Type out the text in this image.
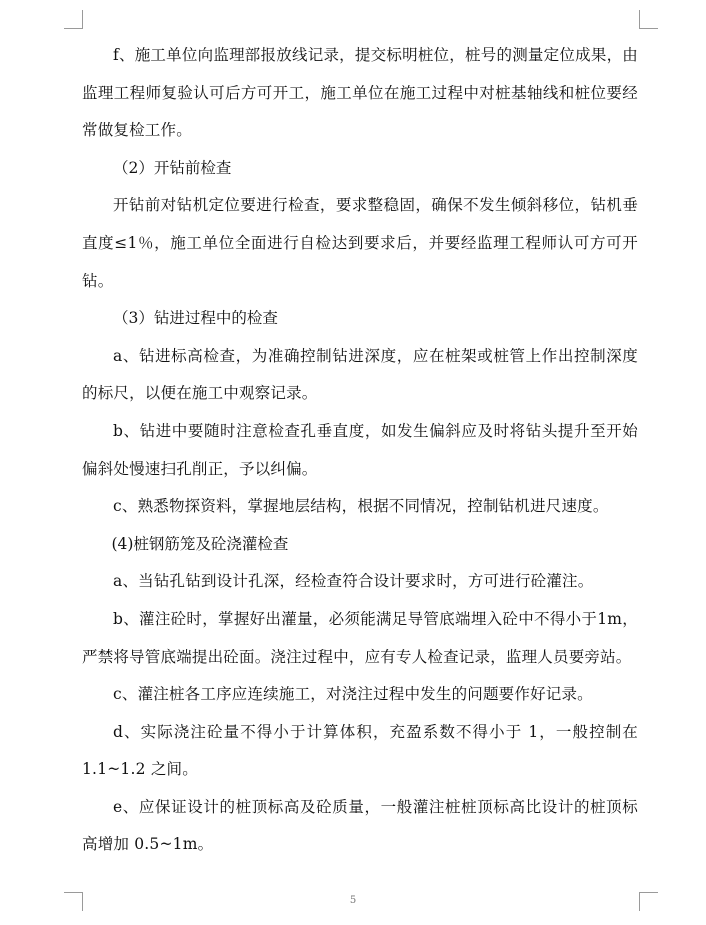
f、施工单位向监理部报放线记录，提交标明桩位，桩号的测量定位成果，由监理工程师复验认可后方可开工，施工单位在施工过程中对桩基轴线和桩位要经常做复检工作。

（2）开钻前检查

开钻前对钻机定位要进行检查，要求整稳固，确保不发生倾斜移位，钻机垂直度≤1％，施工单位全面进行自检达到要求后，并要经监理工程师认可方可开钻。

（3）钻进过程中的检查

a、钻进标高检查，为准确控制钻进深度，应在桩架或桩管上作出控制深度的标尺，以便在施工中观察记录。

b、钻进中要随时注意检查孔垂直度，如发生偏斜应及时将钻头提升至开始偏斜处慢速扫孔削正，予以纠偏。

c、熟悉物探资料，掌握地层结构，根据不同情况，控制钻机进尺速度。

(4)桩钢筋笼及砼浇灌检查

a、当钻孔钻到设计孔深，经检查符合设计要求时，方可进行砼灌注。

b、灌注砼时，掌握好出灌量，必须能满足导管底端埋入砼中不得小于1m，严禁将导管底端提出砼面。浇注过程中，应有专人检查记录，监理人员要旁站。

c、灌注桩各工序应连续施工，对浇注过程中发生的问题要作好记录。

d、实际浇注砼量不得小于计算体积，充盈系数不得小于 1，一般控制在1.1~1.2 之间。

e、应保证设计的桩顶标高及砼质量，一般灌注桩桩顶标高比设计的桩顶标高增加 0.5~1m。

5
